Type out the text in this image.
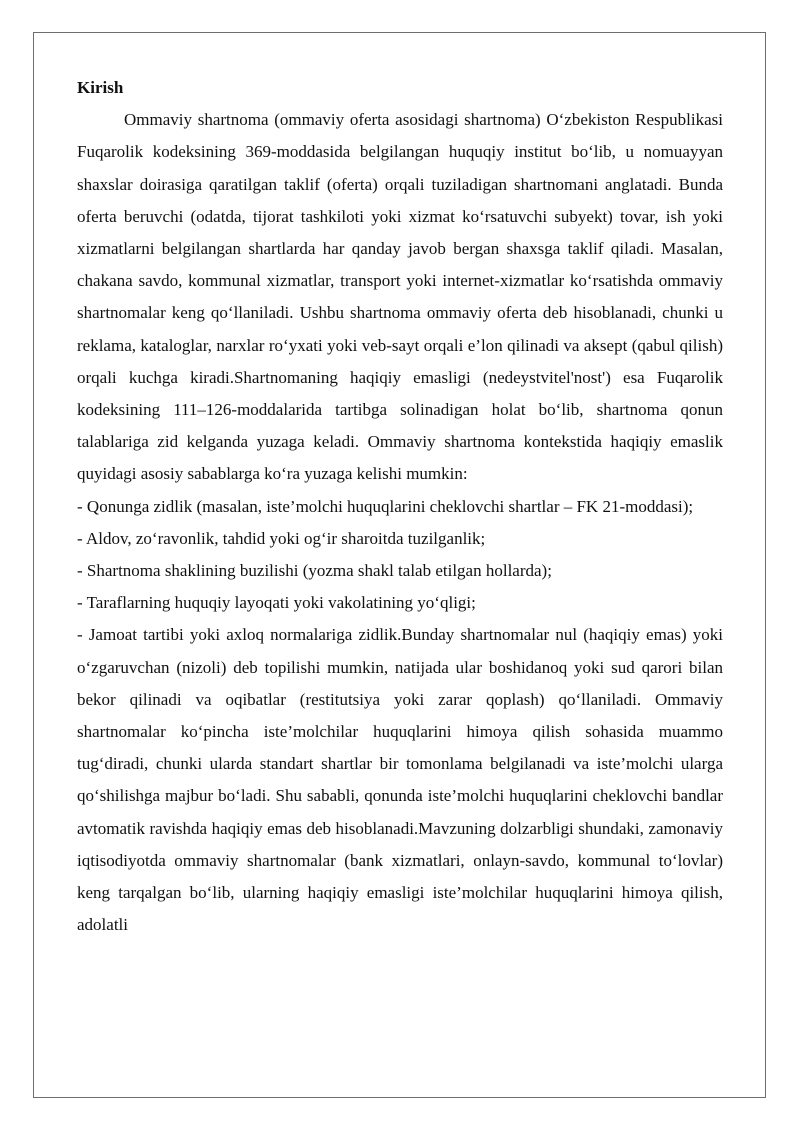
Kirish

Ommaviy shartnoma (ommaviy oferta asosidagi shartnoma) O‘zbekiston Respublikasi Fuqarolik kodeksining 369-moddasida belgilangan huquqiy institut bo‘lib, u nomuayyan shaxslar doirasiga qaratilgan taklif (oferta) orqali tuziladigan shartnomani anglatadi. Bunda oferta beruvchi (odatda, tijorat tashkiloti yoki xizmat ko‘rsatuvchi subyekt) tovar, ish yoki xizmatlarni belgilangan shartlarda har qanday javob bergan shaxsga taklif qiladi. Masalan, chakana savdo, kommunal xizmatlar, transport yoki internet-xizmatlar ko‘rsatishda ommaviy shartnomalar keng qo‘llaniladi. Ushbu shartnoma ommaviy oferta deb hisoblanadi, chunki u reklama, kataloglar, narxlar ro‘yxati yoki veb-sayt orqali e’lon qilinadi va aksept (qabul qilish) orqali kuchga kiradi.Shartnomaning haqiqiy emasligi (nedeystvitel'nost') esa Fuqarolik kodeksining 111–126-moddalarida tartibga solinadigan holat bo‘lib, shartnoma qonun talablariga zid kelganda yuzaga keladi. Ommaviy shartnoma kontekstida haqiqiy emaslik quyidagi asosiy sabablarga ko‘ra yuzaga kelishi mumkin:

- Qonunga zidlik (masalan, iste’molchi huquqlarini cheklovchi shartlar – FK 21-moddasi);

- Aldov, zo‘ravonlik, tahdid yoki og‘ir sharoitda tuzilganlik;

- Shartnoma shaklining buzilishi (yozma shakl talab etilgan hollarda);

- Taraflarning huquqiy layoqati yoki vakolatining yo‘qligi;

- Jamoat tartibi yoki axloq normalariga zidlik.Bunday shartnomalar nul (haqiqiy emas) yoki o‘zgaruvchan (nizoli) deb topilishi mumkin, natijada ular boshidanoq yoki sud qarori bilan bekor qilinadi va oqibatlar (restitutsiya yoki zarar qoplash) qo‘llaniladi. Ommaviy shartnomalar ko‘pincha iste’molchilar huquqlarini himoya qilish sohasida muammo tug‘diradi, chunki ularda standart shartlar bir tomonlama belgilanadi va iste’molchi ularga qo‘shilishga majbur bo‘ladi. Shu sababli, qonunda iste’molchi huquqlarini cheklovchi bandlar avtomatik ravishda haqiqiy emas deb hisoblanadi.Mavzuning dolzarbligi shundaki, zamonaviy iqtisodiyotda ommaviy shartnomalar (bank xizmatlari, onlayn-savdo, kommunal to‘lovlar) keng tarqalgan bo‘lib, ularning haqiqiy emasligi iste’molchilar huquqlarini himoya qilish, adolatli
